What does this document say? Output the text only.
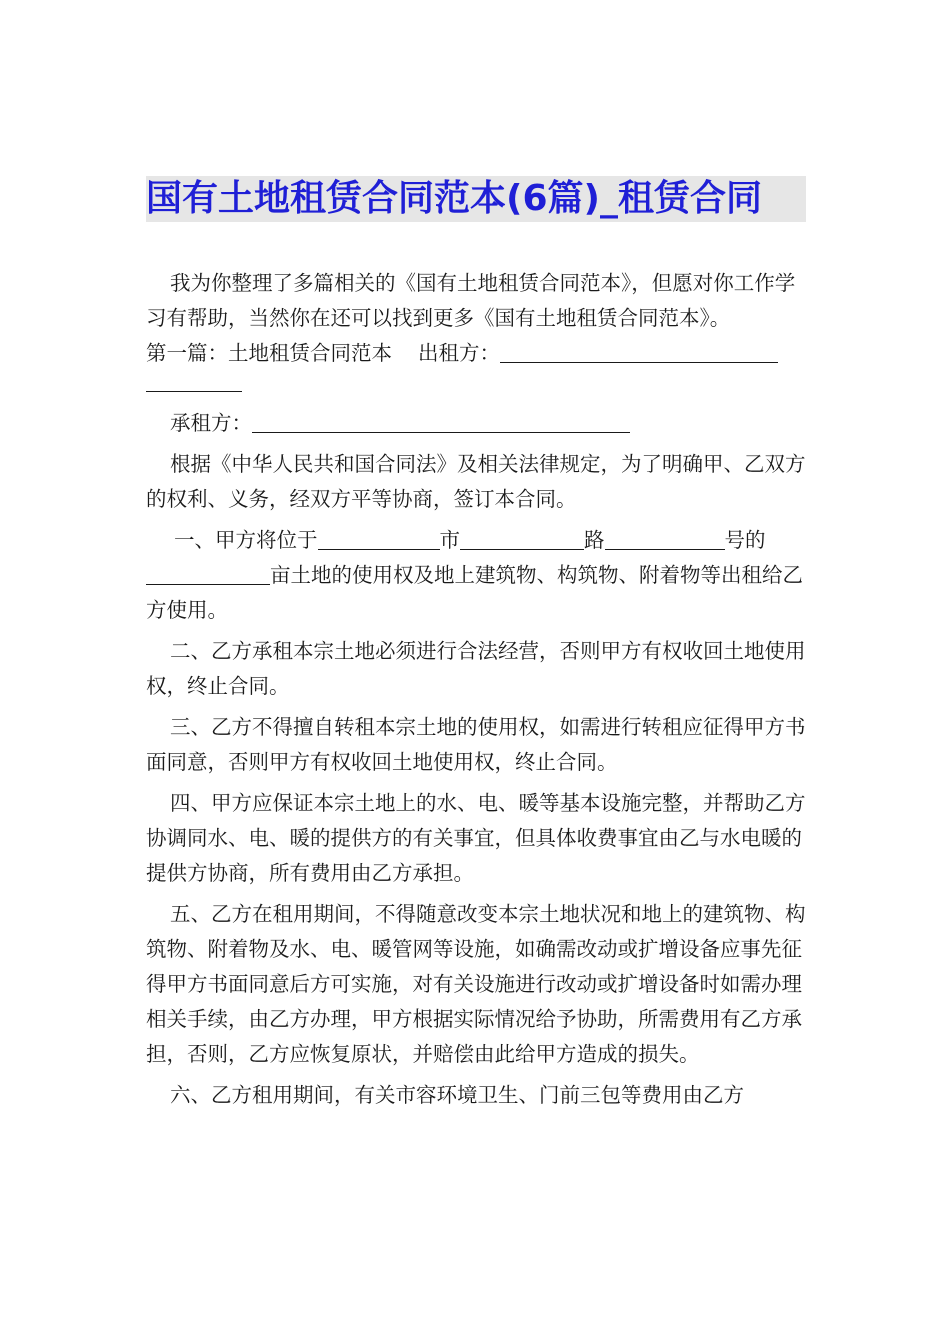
国有土地租赁合同范本(6篇)_租赁合同

我为你整理了多篇相关的《国有土地租赁合同范本》，但愿对你工作学习有帮助，当然你在还可以找到更多《国有土地租赁合同范本》。

第一篇：土地租赁合同范本 出租方：

承租方：

根据《中华人民共和国合同法》及相关法律规定，为了明确甲、乙双方的权利、义务，经双方平等协商，签订本合同。

一、甲方将位于	市	路	号的亩土地的使用权及地上建筑物、构筑物、附着物等出租给乙方使用。

二、乙方承租本宗土地必须进行合法经营，否则甲方有权收回土地使用权，终止合同。

三、乙方不得擅自转租本宗土地的使用权，如需进行转租应征得甲方书面同意，否则甲方有权收回土地使用权，终止合同。

四、甲方应保证本宗土地上的水、电、暖等基本设施完整，并帮助乙方协调同水、电、暖的提供方的有关事宜，但具体收费事宜由乙与水电暖的提供方协商，所有费用由乙方承担。

五、乙方在租用期间，不得随意改变本宗土地状况和地上的建筑物、构筑物、附着物及水、电、暖管网等设施，如确需改动或扩增设备应事先征得甲方书面同意后方可实施，对有关设施进行改动或扩增设备时如需办理相关手续，由乙方办理，甲方根据实际情况给予协助，所需费用有乙方承担，否则，乙方应恢复原状，并赔偿由此给甲方造成的损失。

六、乙方租用期间，有关市容环境卫生、门前三包等费用由乙方
